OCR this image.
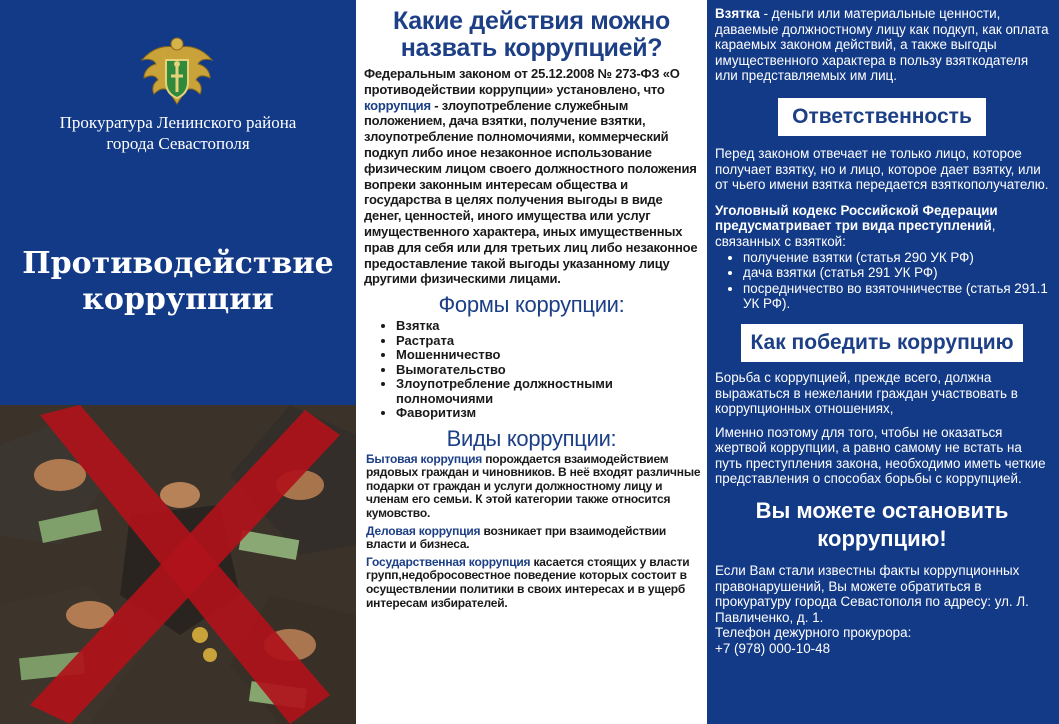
Прокуратура Ленинского района
города Севастополя
Противодействие
коррупции
Какие действия можно назвать коррупцией?
Федеральным законом от 25.12.2008 № 273-ФЗ «О противодействии коррупции» установлено, что коррупция - злоупотребление служебным положением, дача взятки, получение взятки, злоупотребление полномочиями, коммерческий подкуп либо иное незаконное использование физическим лицом своего должностного положения вопреки законным интересам общества и государства в целях получения выгоды в виде денег, ценностей, иного имущества или услуг имущественного характера, иных имущественных прав для себя или для третьих лиц либо незаконное предоставление такой выгоды указанному лицу другими физическими лицами.
Формы коррупции:
• Взятка
• Растрата
• Мошенничество
• Вымогательство
• Злоупотребление должностными полномочиями
• Фаворитизм
Виды коррупции:

Бытовая коррупция порождается взаимодействием рядовых граждан и чиновников. В неё входят различные подарки от граждан и услуги должностному лицу и членам его семьи. К этой категории также относится кумовство.

Деловая коррупция возникает при взаимодействии власти и бизнеса.

Государственная коррупция касается стоящих у власти групп,недобросовестное поведение которых состоит в осуществлении политики в своих интересах и в ущерб интересам избирателей.

Взятка - деньги или материальные ценности, даваемые должностному лицу как подкуп, как оплата караемых законом действий, а также выгоды имущественного характера в пользу взяткодателя или представляемых им лиц.

Ответственность

Перед законом отвечает не только лицо, которое получает взятку, но и лицо, которое дает взятку, или от чьего имени взятка передается взяткополучателю.

Уголовный кодекс Российской Федерации предусматривает три вида преступлений, связанных с взяткой:

• получение взятки (статья 290 УК РФ)
• дача взятки (статья 291 УК РФ)
• посредничество во взяточничестве (статья 291.1 УК РФ).
Как победить коррупцию

Борьба с коррупцией, прежде всего, должна выражаться в нежелании граждан участвовать в коррупционных отношениях,

Именно поэтому для того, чтобы не оказаться жертвой коррупции, а равно самому не встать на путь преступления закона, необходимо иметь четкие представления о способах борьбы с коррупцией.

Вы можете остановить коррупцию!

Если Вам стали известны факты коррупционных правонарушений, Вы можете обратиться в прокуратуру города Севастополя по адресу: ул. Л. Павличенко, д. 1.

Телефон дежурного прокурора:

+7 (978) 000-10-48
